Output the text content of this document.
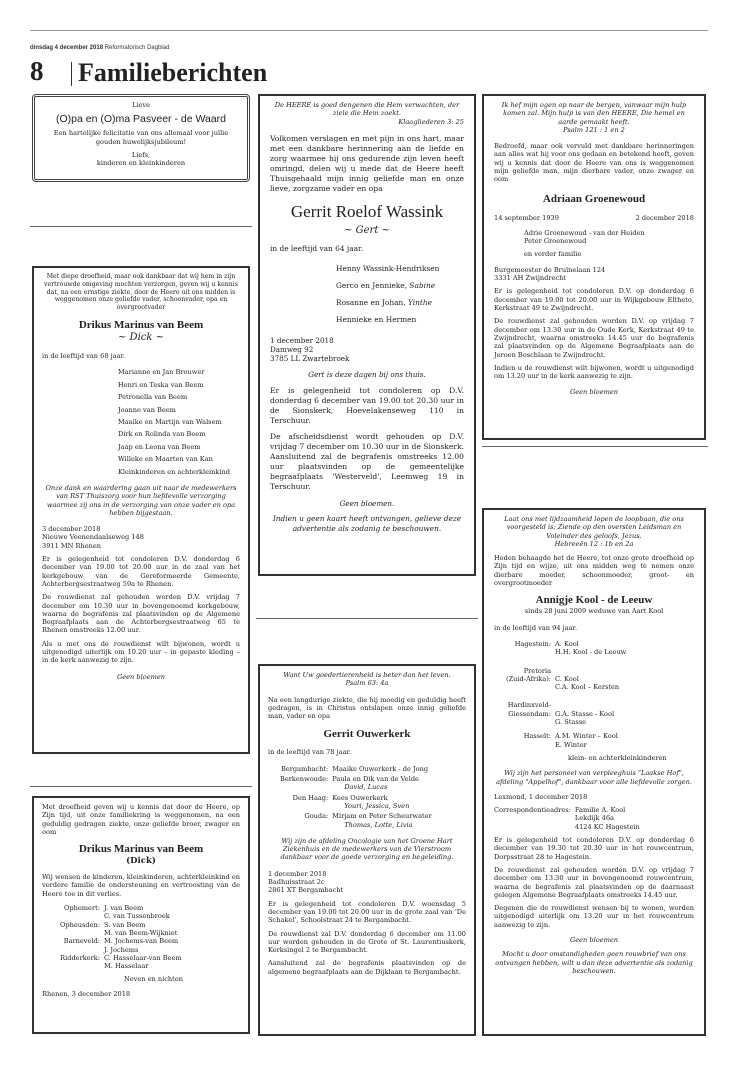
dinsdag 4 december 2018 Reformatorisch Dagblad
8 Familieberichten

Lieve

(O)pa en (O)ma Pasveer - de Waard

Een hartelijke felicitatie van ons allemaal voor jullie gouden huwelijksjubileum!

Liefs,

kinderen en kleinkinderen

Met diepe droefheid, maar ook dankbaar dat wij hem in zijn vertrouwde omgeving mochten verzorgen, geven wij u kennis dat, na een ernstige ziekte, door de Heere uit ons midden is weggenomen onze geliefde vader, schoonvader, opa en overgrootvader

Drikus Marinus van Beem

~ Dick ~

in de leeftijd van 68 jaar.

Marianne en Jan Brouwer

Henri en Teska van Beem

Petronella van Beem

Joanne van Beem

Maaike en Martijn van Walsem

Dirk en Rolinda van Beem

Jaap en Leona van Beem

Willeke en Maarten van Kan

Kleinkinderen en achterkleinkind

Onze dank en waardering gaan uit naar de medewerkers van RST Thuiszorg voor hun liefdevolle verzorging waarmee zij ons in de verzorging van onze vader en opa hebben bijgestaan.

3 december 2018

Nieuwe Veenendaalseweg 148

3911 MN Rhenen

Er is gelegenheid tot condoleren D.V. donderdag 6 december van 19.00 tot 20.00 uur in de zaal van het kerkgebouw van de Gereformeerde Gemeente, Achterbergsestraatweg 59a te Rhenen.

De rouwdienst zal gehouden worden D.V. vrijdag 7 december om 10.30 uur in bovengenoemd kerkgebouw, waarna de begrafenis zal plaatsvinden op de Algemene Begraafplaats aan de Achterbergsestraatweg 65 te Rhenen omstreeks 12.00 uur.

Als u met ons de rouwdienst wilt bijwonen, wordt u uitgenodigd uiterlijk om 10.20 uur – in gepaste kleding – in de kerk aanwezig te zijn.

Geen bloemen

Met droefheid geven wij u kennis dat door de Heere, op Zijn tijd, uit onze familiekring is weggenomen, na een geduldig gedragen ziekte, onze geliefde broer, zwager en oom

Drikus Marinus van Beem

(Dick)

Wij wensen de kinderen, kleinkinderen, achterkleinkind en verdere familie de ondersteuning en vertroosting van de Heere toe in dit verlies.

Ophemert: J. van Beem
C. van Tussenbroek
Opheusden: S. van Beem
M. van Beem-Wijkniet
Barneveld: M. Jochems-van Beem
J. Jochems
Ridderkerk: C. Hasselaar-van Beem
M. Hasselaar

Neven en nichten

Rhenen, 3 december 2018

De HEERE is goed dengenen die Hem verwachten, der ziele die Hem zoekt.

Klaagliederen 3: 25

Volkomen verslagen en met pijn in ons hart, maar met een dankbare herinnering aan de liefde en zorg waarmee hij ons gedurende zijn leven heeft omringd, delen wij u mede dat de Heere heeft Thuisgehaald mijn innig geliefde man en onze lieve, zorgzame vader en opa

Gerrit Roelof Wassink

~ Gert ~

in de leeftijd van 64 jaar.

Henny Wassink-Hendriksen

Gerco en Jennieke, Sabine

Rosanne en Johan, Yinthe

Hennieke en Hermen

1 december 2018

Damweg 92

3785 LL Zwartebroek

Gert is deze dagen bij ons thuis.

Er is gelegenheid tot condoleren op D.V. donderdag 6 december van 19.00 tot 20.30 uur in de Sionskerk, Hoevelakenseweg 110 in Terschuur.

De afscheidsdienst wordt gehouden op D.V. vrijdag 7 december om 10.30 uur in de Sionskerk. Aansluitend zal de begrafenis omstreeks 12.00 uur plaatsvinden op de gemeentelijke begraafplaats 'Westerveld', Leemweg 19 in Terschuur.

Geen bloemen.

Indien u geen kaart heeft ontvangen, gelieve deze advertentie als zodanig te beschouwen.

Want Uw goedertierenheid is beter dan het leven.

Psalm 63: 4a

Na een langdurige ziekte, die hij moedig en geduldig heeft gedragen, is in Christus ontslapen onze innig geliefde man, vader en opa

Gerrit Ouwerkerk

in de leeftijd van 78 jaar.

Bergambacht: Maaike Ouwerkerk - de Jong
Berkenwoude: Paula en Dik van de Velde
David, Lucas
Den Haag: Kees Ouwerkerk
Youri, Jessica, Sven
Gouda: Mirjam en Peter Scheurwater
Thomas, Lotte, Livia

Wij zijn de afdeling Oncologie van het Groene Hart Ziekenhuis en de medewerkers van de Vierstroom dankbaar voor de goede verzorging en begeleiding.

1 december 2018

Badhuisstraat 2c

2861 XT Bergambacht

Er is gelegenheid tot condoleren D.V. woensdag 5 december van 19.00 tot 20.00 uur in de grote zaal van 'De Schakel', Schoolstraat 24 te Bergambacht.

De rouwdienst zal D.V. donderdag 6 december om 11.00 uur worden gehouden in de Grote of St. Laurentiuskerk, Kerksingel 2 te Bergambacht.

Aansluitend zal de begrafenis plaatsvinden op de algemene begraafplaats aan de Dijklaan te Bergambacht.

Ik hef mijn ogen op naar de bergen, vanwaar mijn hulp komen zal. Mijn hulp is van den HEERE, Die hemel en aarde gemaakt heeft.

Psalm 121 : 1 en 2

Bedroefd, maar ook vervuld met dankbare herinneringen aan alles wat hij voor ons gedaan en betekend heeft, geven wij u kennis dat door de Heere van ons is weggenomen mijn geliefde man, mijn dierbare vader, onze zwager en oom

Adriaan Groenewoud

14 september 1939	2 december 2018

Adrie Groenewoud - van der Heiden

Peter Groenewoud

en verder familie

Burgemeester de Bruïnelaan 124

3331 AH Zwijndrecht

Er is gelegenheid tot condoleren D.V. op donderdag 6 december van 19.00 tot 20.00 uur in Wijkgebouw Eltheto, Kerkstraat 49 te Zwijndrecht.

De rouwdienst zal gehouden worden D.V. op vrijdag 7 december om 13.30 uur in de Oude Kerk, Kerkstraat 49 te Zwijndrecht, waarna omstreeks 14.45 uur de begrafenis zal plaatsvinden op de Algemene Begraafplaats aan de Jeroen Boschlaan te Zwijndrecht.

Indien u de rouwdienst wilt bijwonen, wordt u uitgenodigd om 13.20 uur in de kerk aanwezig te zijn.

Geen bloemen

Laat ons met lijdzaamheid lopen de loopbaan, die ons voorgesteld is; Ziende op den oversten Leidsman en Voleinder des geloofs, Jezus.

Hebreeën 12 : 1b en 2a

Heden behaagde het de Heere, tot onze grote droefheid op Zijn tijd en wijze, uit ons midden weg te nemen onze dierbare moeder, schoonmoeder, groot- en overgrootmoeder

Annigje Kool - de Leeuw

sinds 28 juni 2009 weduwe van Aart Kool

in de leeftijd van 94 jaar.

Hagestein: A. Kool
H.H. Kool - de Leeuw
Pretoria
(Zuid-Afrika): C. Kool
C.A. Kool – Kersten
Hardinxveld-
Giessendam: G.A. Stasse - Kool
G. Stasse
Hasselt: A.M. Winter – Kool
E. Winter

klein- en achterkleinkinderen

Wij zijn het personeel van verpleeghuis "Laakse Hof", afdeling "Appelhof", dankbaar voor alle liefdevolle zorgen.

Lexmond, 1 december 2018

Correspondentieadres: Familie A. Kool

Lekdijk 46a

4124 KC Hagestein

Er is gelegenheid tot condoleren D.V. op donderdag 6 december van 19.30 tot 20.30 uur in het rouwcentrum, Dorpsstraat 28 te Hagestein.

De rouwdienst zal gehouden worden D.V. op vrijdag 7 december om 13.30 uur in bovengenoemd rouwcentrum, waarna de begrafenis zal plaatsvinden op de daarnaast gelegen Algemene Begraafplaats omstreeks 14.45 uur.

Degenen die de rouwdienst wensen bij te wonen, worden uitgenodigd uiterlijk om 13.20 uur in het rouwcentrum aanwezig te zijn.

Geen bloemen

Mocht u door omstandigheden geen rouwbrief van ons ontvangen hebben, wilt u dan deze advertentie als zodanig beschouwen.
